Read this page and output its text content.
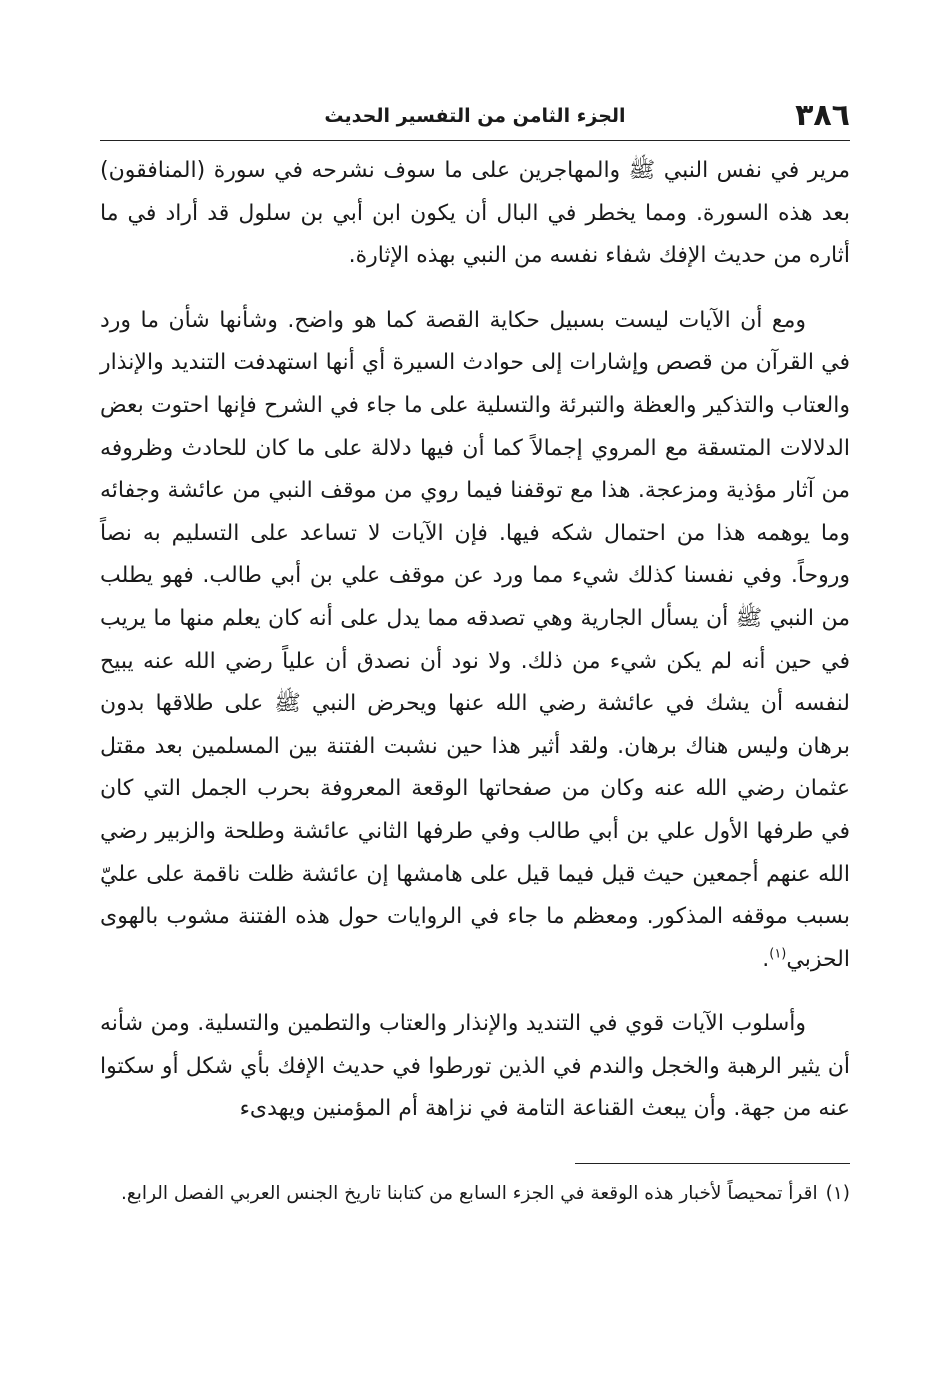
٣٨٦
الجزء الثامن من التفسير الحديث

مرير في نفس النبي ﷺ والمهاجرين على ما سوف نشرحه في سورة (المنافقون) بعد هذه السورة. ومما يخطر في البال أن يكون ابن أبي بن سلول قد أراد في ما أثاره من حديث الإفك شفاء نفسه من النبي بهذه الإثارة.

ومع أن الآيات ليست بسبيل حكاية القصة كما هو واضح. وشأنها شأن ما ورد في القرآن من قصص وإشارات إلى حوادث السيرة أي أنها استهدفت التنديد والإنذار والعتاب والتذكير والعظة والتبرئة والتسلية على ما جاء في الشرح فإنها احتوت بعض الدلالات المتسقة مع المروي إجمالاً كما أن فيها دلالة على ما كان للحادث وظروفه من آثار مؤذية ومزعجة. هذا مع توقفنا فيما روي من موقف النبي من عائشة وجفائه وما يوهمه هذا من احتمال شكه فيها. فإن الآيات لا تساعد على التسليم به نصاً وروحاً. وفي نفسنا كذلك شيء مما ورد عن موقف علي بن أبي طالب. فهو يطلب من النبي ﷺ أن يسأل الجارية وهي تصدقه مما يدل على أنه كان يعلم منها ما يريب في حين أنه لم يكن شيء من ذلك. ولا نود أن نصدق أن علياً رضي الله عنه يبيح لنفسه أن يشك في عائشة رضي الله عنها ويحرض النبي ﷺ على طلاقها بدون برهان وليس هناك برهان. ولقد أثير هذا حين نشبت الفتنة بين المسلمين بعد مقتل عثمان رضي الله عنه وكان من صفحاتها الوقعة المعروفة بحرب الجمل التي كان في طرفها الأول علي بن أبي طالب وفي طرفها الثاني عائشة وطلحة والزبير رضي الله عنهم أجمعين حيث قيل فيما قيل على هامشها إن عائشة ظلت ناقمة على عليّ بسبب موقفه المذكور. ومعظم ما جاء في الروايات حول هذه الفتنة مشوب بالهوى الحزبي$^{(١)}$.

وأسلوب الآيات قوي في التنديد والإنذار والعتاب والتطمين والتسلية. ومن شأنه أن يثير الرهبة والخجل والندم في الذين تورطوا في حديث الإفك بأي شكل أو سكتوا عنه من جهة. وأن يبعث القناعة التامة في نزاهة أم المؤمنين ويهدىء

(١)اقرأ تمحيصاً لأخبار هذه الوقعة في الجزء السابع من كتابنا تاريخ الجنس العربي الفصل الرابع.
